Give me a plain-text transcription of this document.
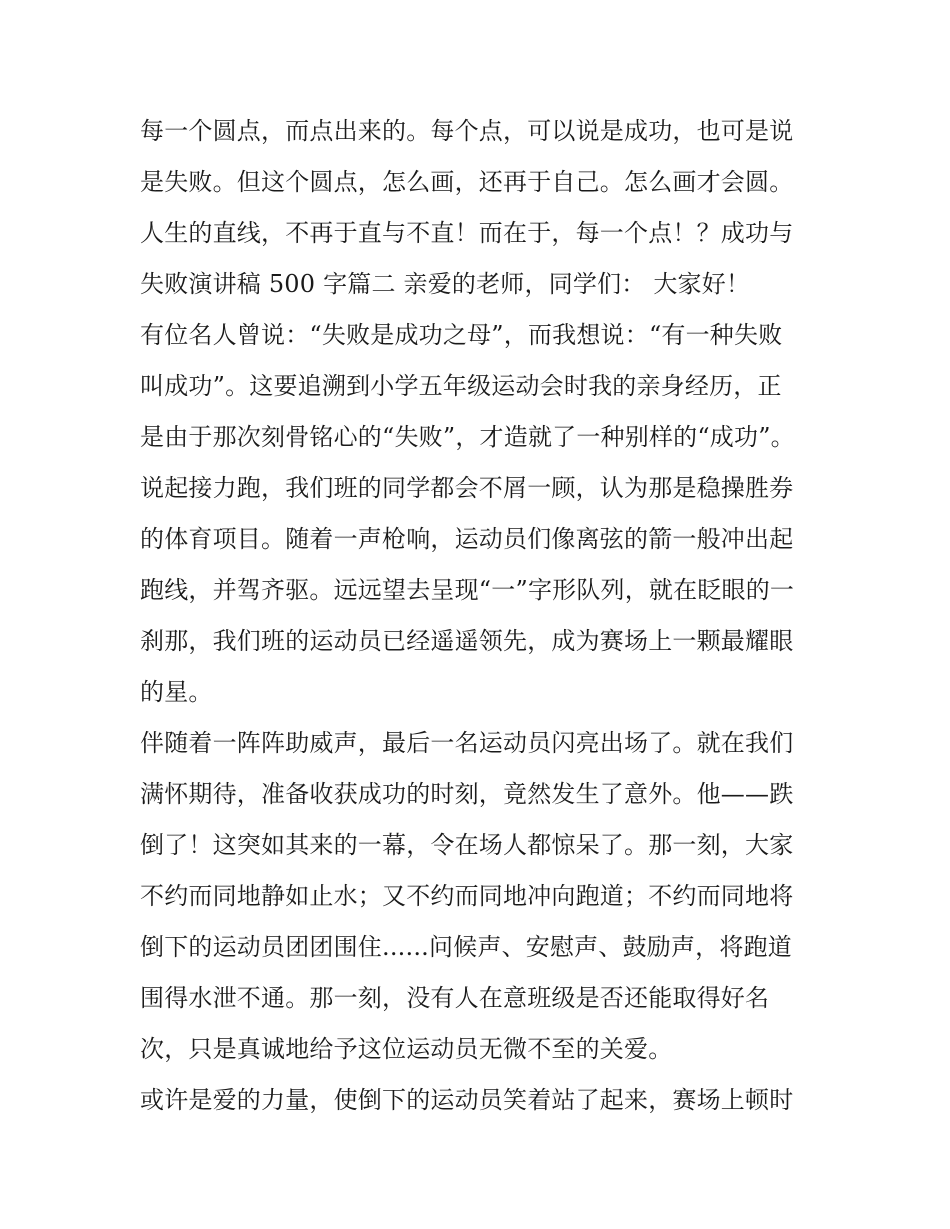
每一个圆点，而点出来的。每个点，可以说是成功，也可是说
是失败。但这个圆点，怎么画，还再于自己。怎么画才会圆。
人生的直线，不再于直与不直！而在于，每一个点！？成功与
失败演讲稿 500 字篇二 亲爱的老师，同学们： 大家好！
有位名人曾说：“失败是成功之母”，而我想说：“有一种失败
叫成功”。这要追溯到小学五年级运动会时我的亲身经历，正
是由于那次刻骨铭心的“失败”，才造就了一种别样的“成功”。
说起接力跑，我们班的同学都会不屑一顾，认为那是稳操胜券
的体育项目。随着一声枪响，运动员们像离弦的箭一般冲出起
跑线，并驾齐驱。远远望去呈现“一”字形队列，就在眨眼的一
刹那，我们班的运动员已经遥遥领先，成为赛场上一颗最耀眼
的星。
伴随着一阵阵助威声，最后一名运动员闪亮出场了。就在我们
满怀期待，准备收获成功的时刻，竟然发生了意外。他——跌
倒了！这突如其来的一幕，令在场人都惊呆了。那一刻，大家
不约而同地静如止水；又不约而同地冲向跑道；不约而同地将
倒下的运动员团团围住......问候声、安慰声、鼓励声，将跑道
围得水泄不通。那一刻，没有人在意班级是否还能取得好名
次，只是真诚地给予这位运动员无微不至的关爱。
或许是爱的力量，使倒下的运动员笑着站了起来，赛场上顿时
